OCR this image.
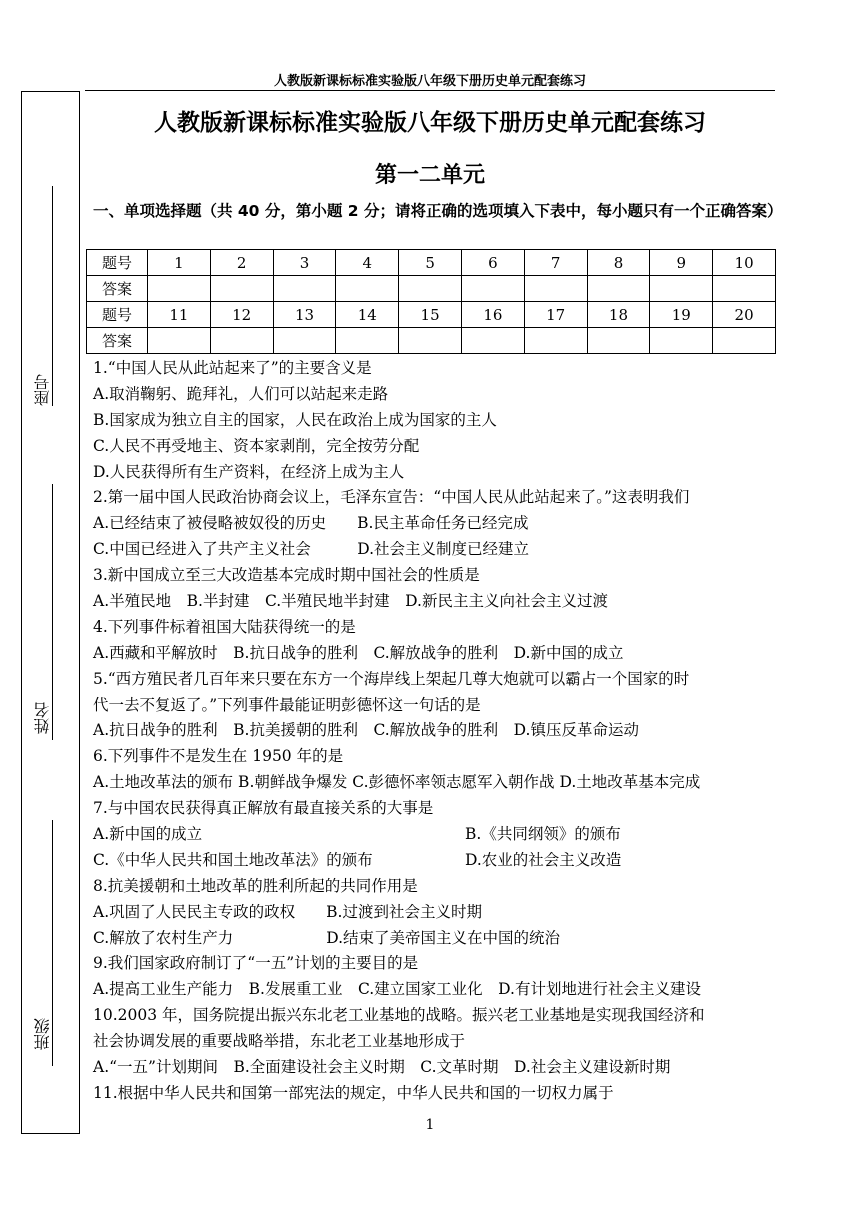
人教版新课标标准实验版八年级下册历史单元配套练习
座号
姓名
班级
人教版新课标标准实验版八年级下册历史单元配套练习
第一二单元
一、单项选择题（共 40 分，第小题 2 分；请将正确的选项填入下表中，每小题只有一个正确答案）
题号	1	2	3	4	5	6	7	8	9	10
答案										
题号	11	12	13	14	15	16	17	18	19	20
答案										
1.“中国人民从此站起来了”的主要含义是
A.取消鞠躬、跪拜礼，人们可以站起来走路
B.国家成为独立自主的国家，人民在政治上成为国家的主人
C.人民不再受地主、资本家剥削，完全按劳分配
D.人民获得所有生产资料，在经济上成为主人
2.第一届中国人民政治协商会议上，毛泽东宣告：“中国人民从此站起来了。”这表明我们
A.已经结束了被侵略被奴役的历史　　B.民主革命任务已经完成
C.中国已经进入了共产主义社会　　　D.社会主义制度已经建立
3.新中国成立至三大改造基本完成时期中国社会的性质是
A.半殖民地　B.半封建　C.半殖民地半封建　D.新民主主义向社会主义过渡
4.下列事件标着祖国大陆获得统一的是
A.西藏和平解放时　B.抗日战争的胜利　C.解放战争的胜利　D.新中国的成立
5.“西方殖民者几百年来只要在东方一个海岸线上架起几尊大炮就可以霸占一个国家的时
代一去不复返了。”下列事件最能证明彭德怀这一句话的是
A.抗日战争的胜利　B.抗美援朝的胜利　C.解放战争的胜利　D.镇压反革命运动
6.下列事件不是发生在 1950 年的是
A.土地改革法的颁布 B.朝鲜战争爆发 C.彭德怀率领志愿军入朝作战 D.土地改革基本完成
7.与中国农民获得真正解放有最直接关系的大事是
A.新中国的成立	B.《共同纲领》的颁布
C.《中华人民共和国土地改革法》的颁布	D.农业的社会主义改造
8.抗美援朝和土地改革的胜利所起的共同作用是
A.巩固了人民民主专政的政权　　B.过渡到社会主义时期
C.解放了农村生产力　　　　　　D.结束了美帝国主义在中国的统治
9.我们国家政府制订了“一五”计划的主要目的是
A.提高工业生产能力　B.发展重工业　C.建立国家工业化　D.有计划地进行社会主义建设
10.2003 年，国务院提出振兴东北老工业基地的战略。振兴老工业基地是实现我国经济和
社会协调发展的重要战略举措，东北老工业基地形成于
A.“一五”计划期间　B.全面建设社会主义时期　C.文革时期　D.社会主义建设新时期
11.根据中华人民共和国第一部宪法的规定，中华人民共和国的一切权力属于
1
